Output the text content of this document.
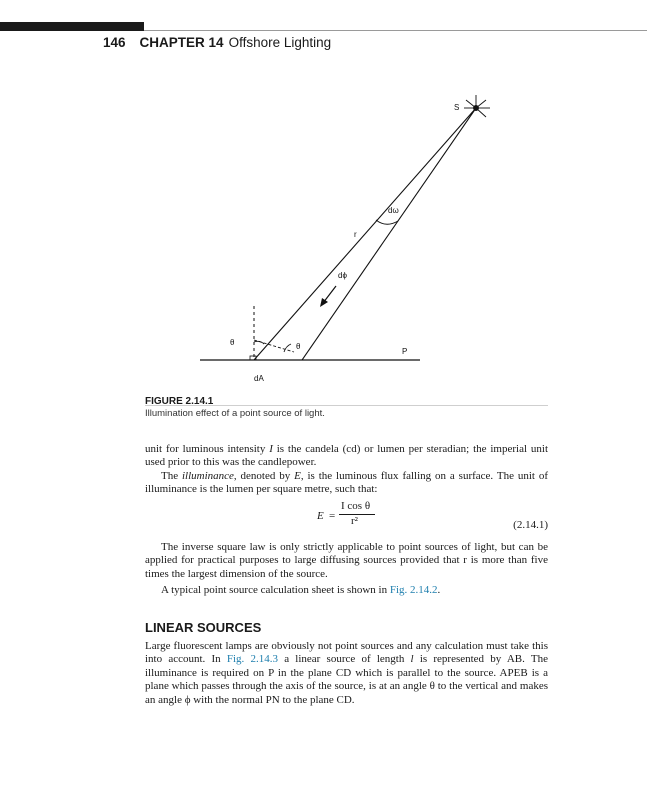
146 CHAPTER 14 Offshore Lighting
S
dω
r
dϕ
θ	θ
P
dA
FIGURE 2.14.1
Illumination effect of a point source of light.
unit for luminous intensity I is the candela (cd) or lumen per steradian; the imperial unit used prior to this was the candlepower.
The illuminance, denoted by E, is the luminous flux falling on a surface. The unit of illuminance is the lumen per square metre, such that:
E =
I cos θ
r²	(2.14.1)
The inverse square law is only strictly applicable to point sources of light, but can be applied for practical purposes to large diffusing sources provided that r is more than five times the largest dimension of the source.
A typical point source calculation sheet is shown in Fig. 2.14.2.
LINEAR SOURCES
Large fluorescent lamps are obviously not point sources and any calculation must take this into account. In Fig. 2.14.3 a linear source of length l is represented by AB. The illuminance is required on P in the plane CD which is parallel to the source. APEB is a plane which passes through the axis of the source, is at an angle θ to the vertical and makes an angle ϕ with the normal PN to the plane CD.
